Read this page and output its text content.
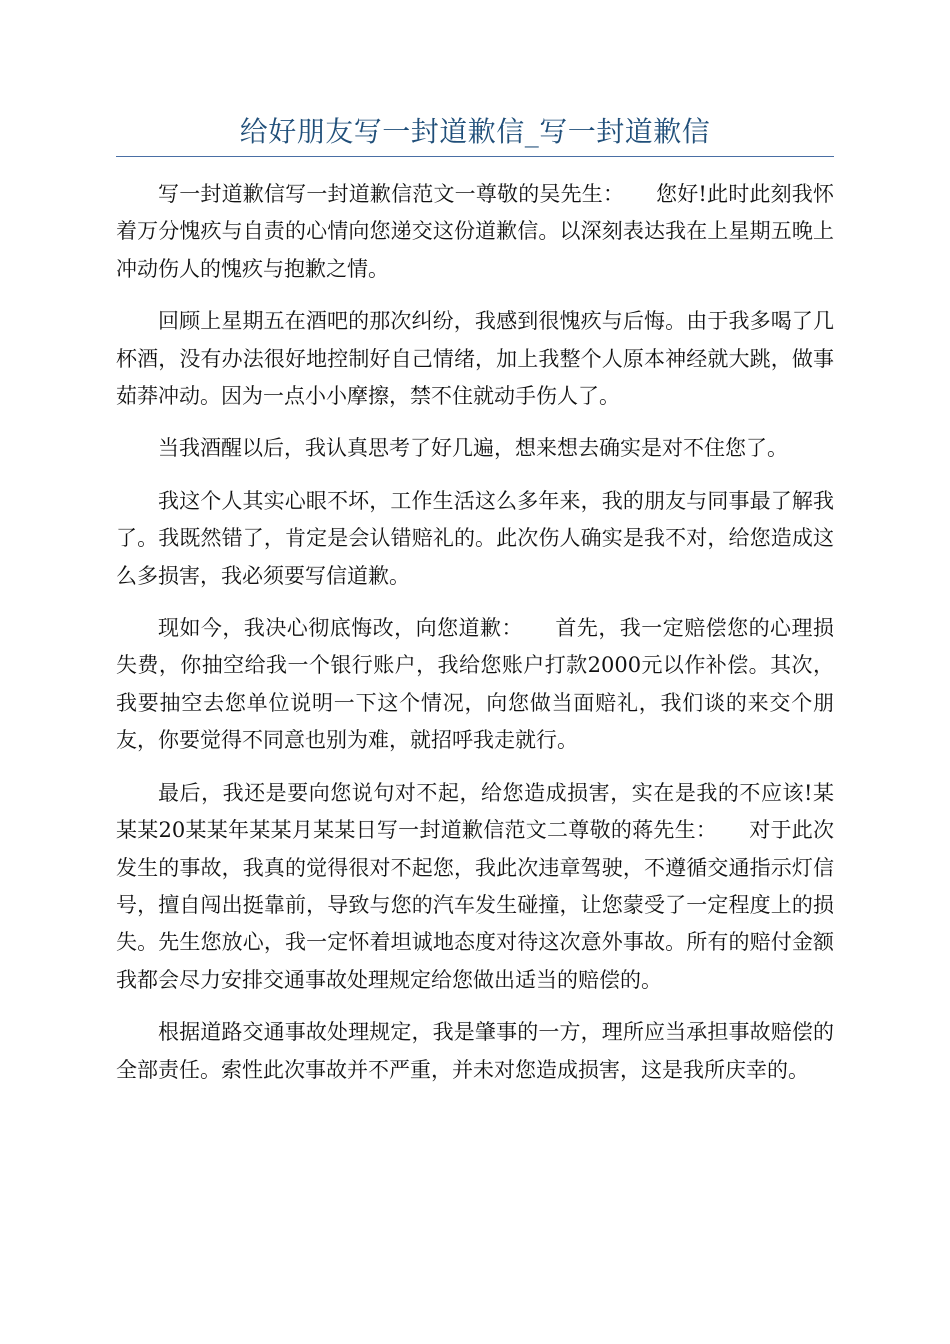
给好朋友写一封道歉信_写一封道歉信

写一封道歉信写一封道歉信范文一尊敬的吴先生：　　您好!此时此刻我怀着万分愧疚与自责的心情向您递交这份道歉信。以深刻表达我在上星期五晚上冲动伤人的愧疚与抱歉之情。

回顾上星期五在酒吧的那次纠纷，我感到很愧疚与后悔。由于我多喝了几杯酒，没有办法很好地控制好自己情绪，加上我整个人原本神经就大跳，做事茹莽冲动。因为一点小小摩擦，禁不住就动手伤人了。

当我酒醒以后，我认真思考了好几遍，想来想去确实是对不住您了。

我这个人其实心眼不坏，工作生活这么多年来，我的朋友与同事最了解我了。我既然错了，肯定是会认错赔礼的。此次伤人确实是我不对，给您造成这么多损害，我必须要写信道歉。

现如今，我决心彻底悔改，向您道歉：　　首先，我一定赔偿您的心理损失费，你抽空给我一个银行账户，我给您账户打款2000元以作补偿。其次，我要抽空去您单位说明一下这个情况，向您做当面赔礼，我们谈的来交个朋友，你要觉得不同意也别为难，就招呼我走就行。

最后，我还是要向您说句对不起，给您造成损害，实在是我的不应该!某某某20某某年某某月某某日写一封道歉信范文二尊敬的蒋先生：　　对于此次发生的事故，我真的觉得很对不起您，我此次违章驾驶，不遵循交通指示灯信号，擅自闯出挺靠前，导致与您的汽车发生碰撞，让您蒙受了一定程度上的损失。先生您放心，我一定怀着坦诚地态度对待这次意外事故。所有的赔付金额我都会尽力安排交通事故处理规定给您做出适当的赔偿的。

根据道路交通事故处理规定，我是肇事的一方，理所应当承担事故赔偿的全部责任。索性此次事故并不严重，并未对您造成损害，这是我所庆幸的。
